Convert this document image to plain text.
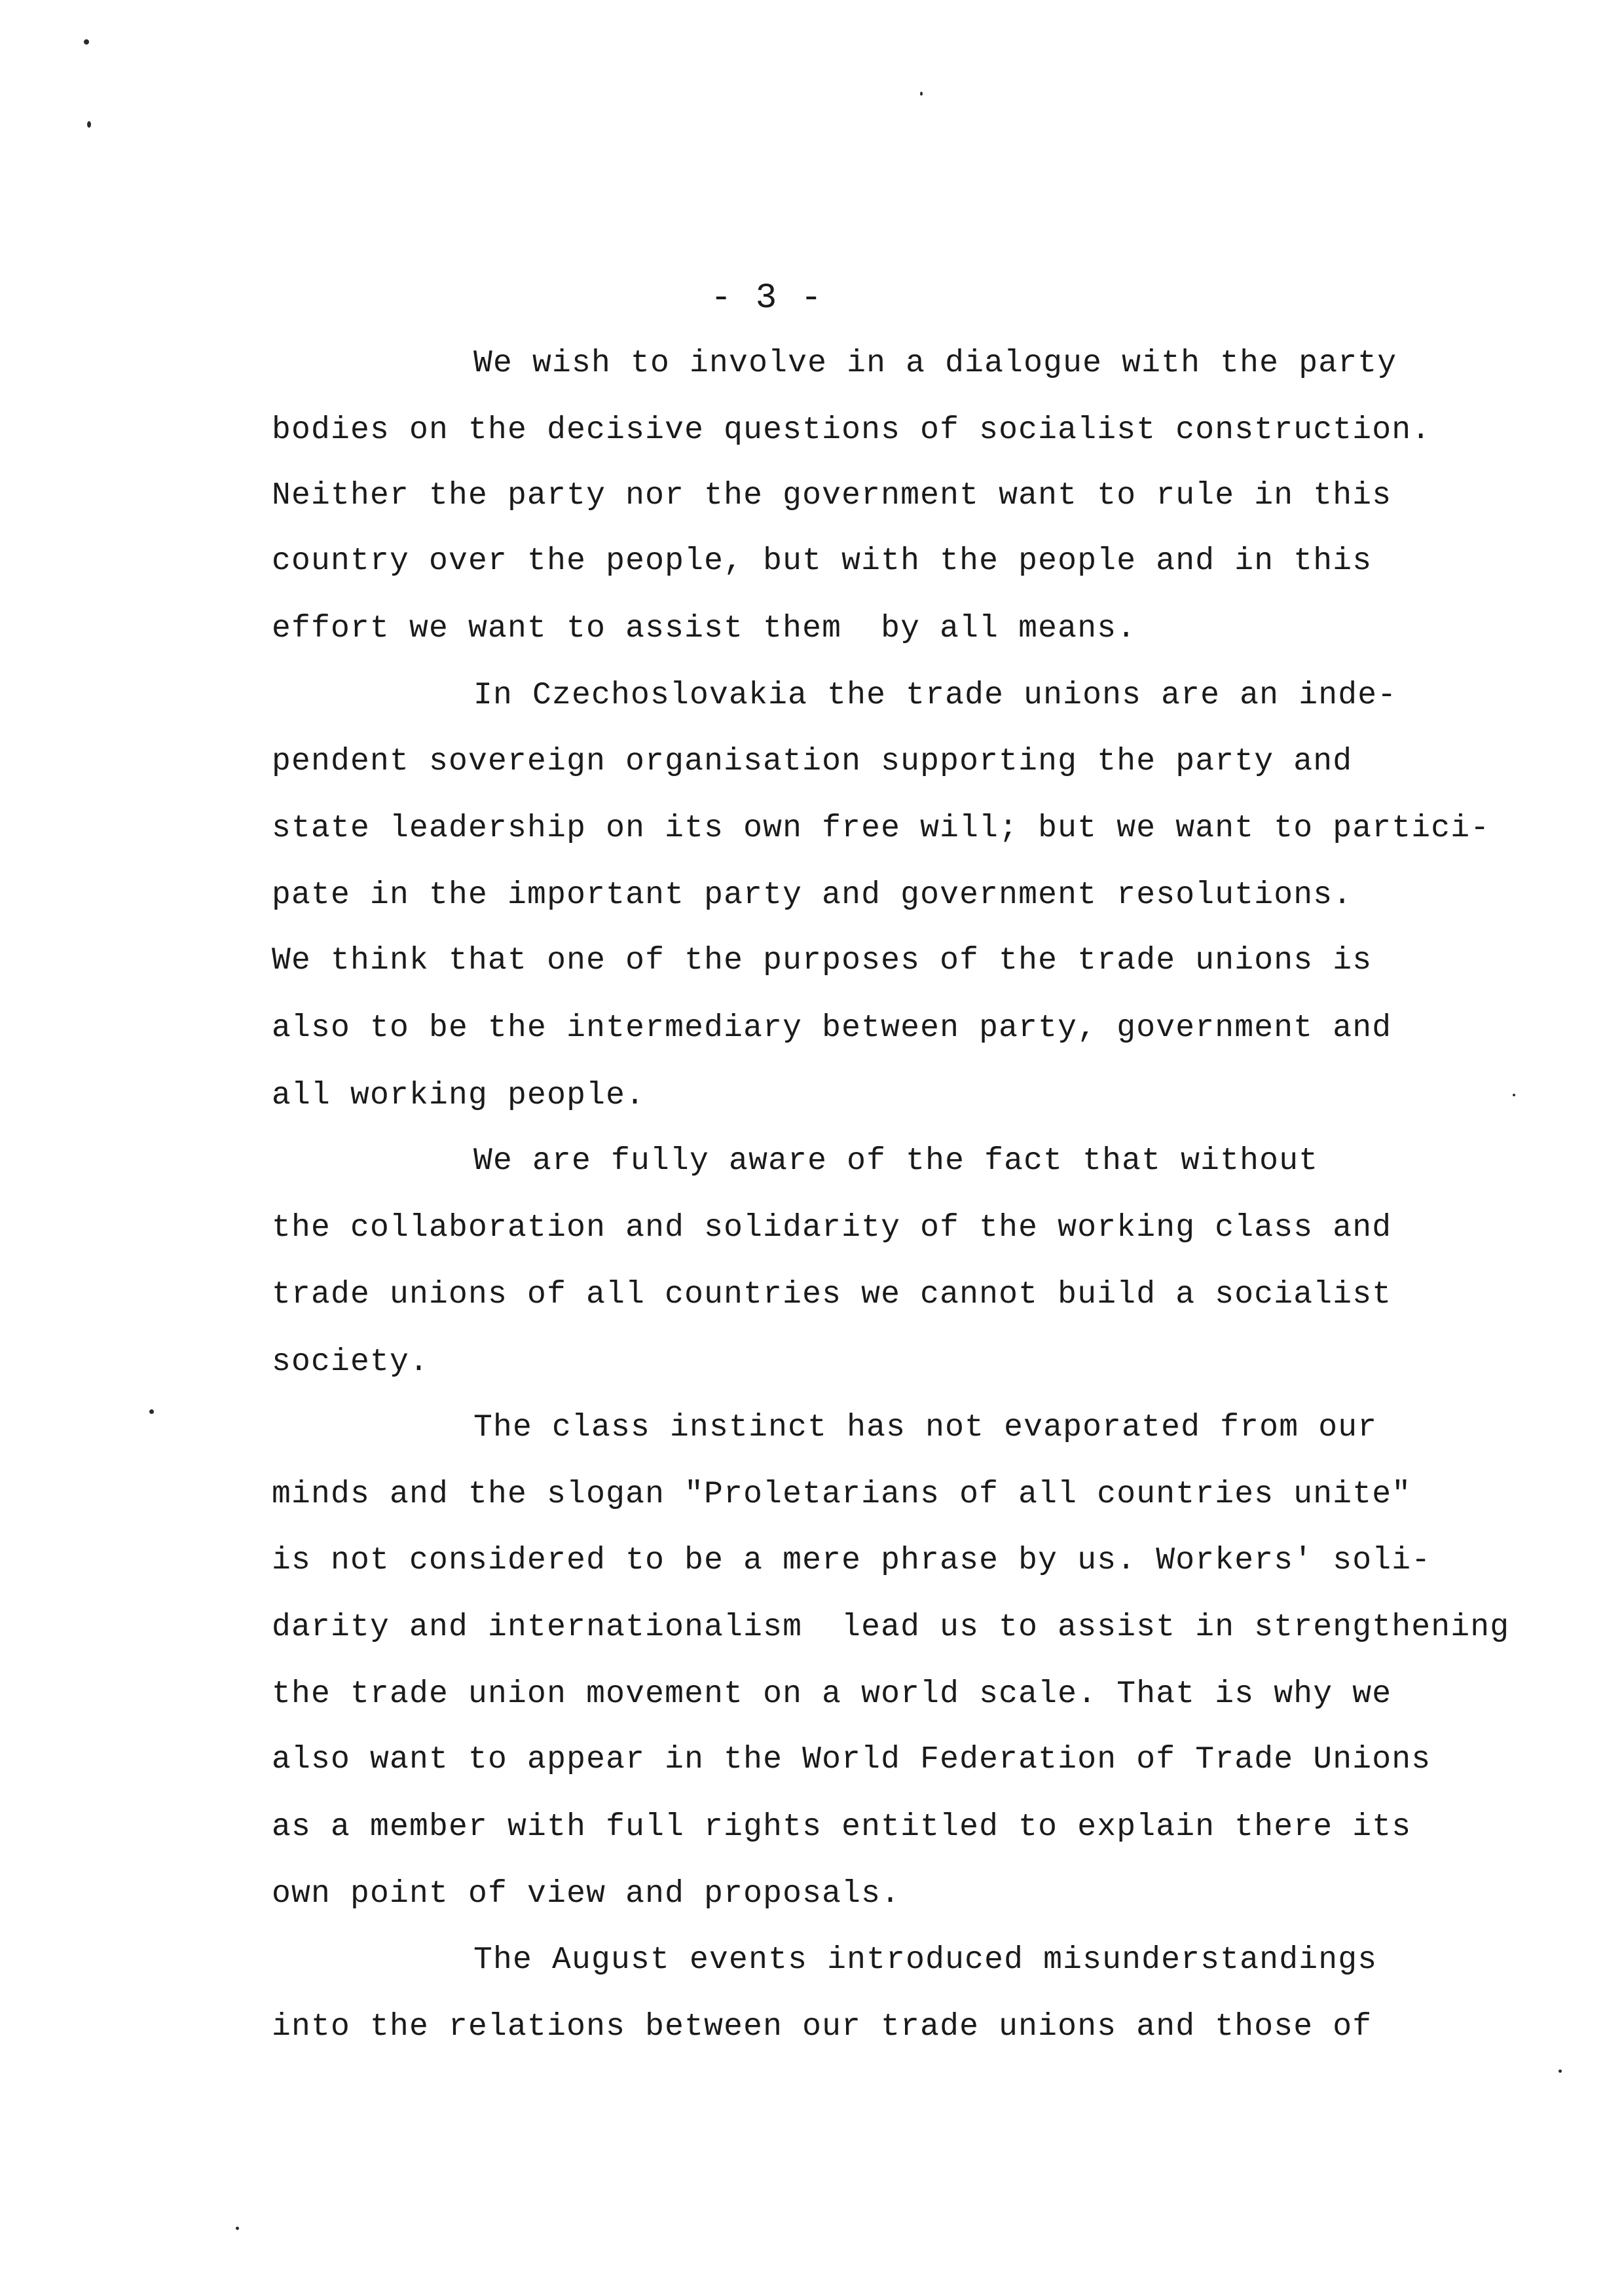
- 3 -
We wish to involve in a dialogue with the party
bodies on the decisive questions of socialist construction.
Neither the party nor the government want to rule in this
country over the people, but with the people and in this
effort we want to assist them  by all means.
In Czechoslovakia the trade unions are an inde-
pendent sovereign organisation supporting the party and
state leadership on its own free will; but we want to partici-
pate in the important party and government resolutions.
We think that one of the purposes of the trade unions is
also to be the intermediary between party, government and
all working people.
We are fully aware of the fact that without
the collaboration and solidarity of the working class and
trade unions of all countries we cannot build a socialist
society.
The class instinct has not evaporated from our
minds and the slogan "Proletarians of all countries unite"
is not considered to be a mere phrase by us. Workers' soli-
darity and internationalism  lead us to assist in strengthening
the trade union movement on a world scale. That is why we
also want to appear in the World Federation of Trade Unions
as a member with full rights entitled to explain there its
own point of view and proposals.
The August events introduced misunderstandings
into the relations between our trade unions and those of
